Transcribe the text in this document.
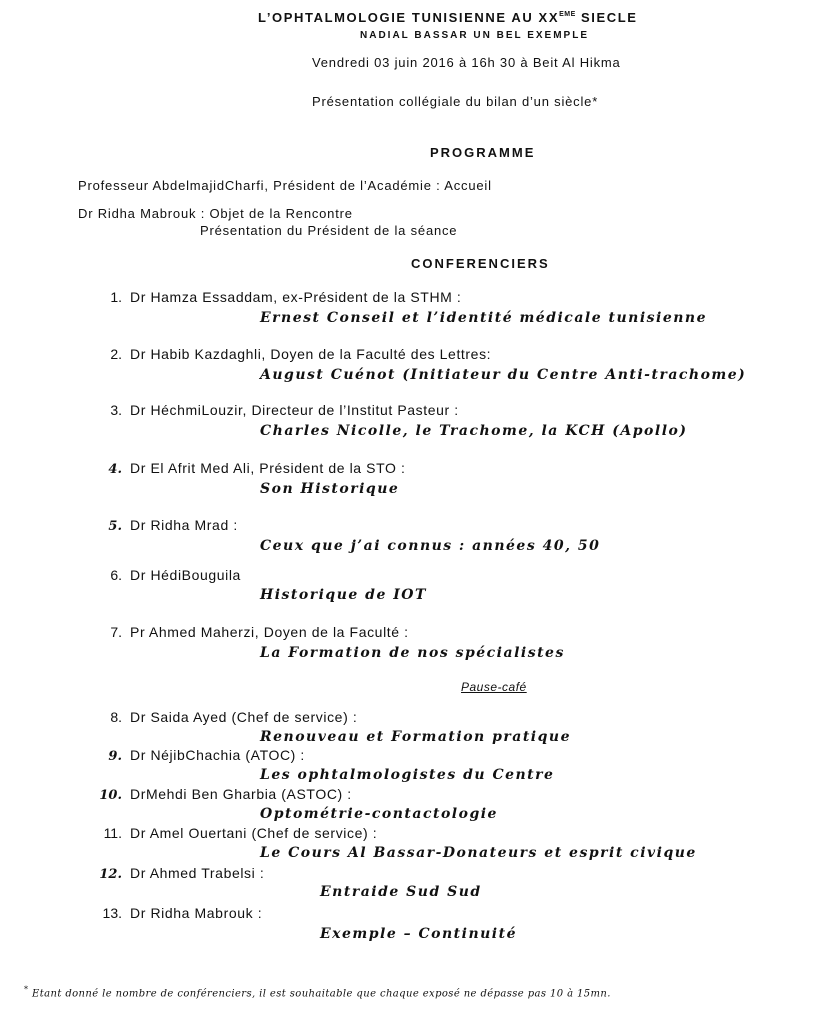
L’OPHTALMOLOGIE TUNISIENNE AU XXEME SIECLE
NADIAL BASSAR UN BEL EXEMPLE
Vendredi 03 juin 2016 à 16h 30 à Beit Al Hikma
Présentation collégiale du bilan d’un siècle*
PROGRAMME
Professeur AbdelmajidCharfi, Président de l’Académie : Accueil
Dr Ridha Mabrouk : Objet de la Rencontre
Présentation du Président de la séance
CONFERENCIERS
1. Dr Hamza Essaddam, ex-Président de la STHM :
Ernest Conseil et l’identité médicale tunisienne
2. Dr Habib Kazdaghli, Doyen de la Faculté des Lettres:
August Cuénot (Initiateur du Centre Anti-trachome)
3. Dr HéchmiLouzir, Directeur de l’Institut Pasteur :
Charles Nicolle, le Trachome, la KCH (Apollo)
4. Dr El Afrit Med Ali, Président de la STO :
Son Historique
5. Dr Ridha Mrad :
Ceux que j’ai connus : années 40, 50
6. Dr HédiBouguila
Historique de IOT
7. Pr Ahmed Maherzi, Doyen de la Faculté :
La Formation de nos spécialistes
Pause-café
8. Dr Saida Ayed (Chef de service) :
Renouveau et Formation pratique
9. Dr NéjibChachia (ATOC) :
Les ophtalmologistes du Centre
10. DrMehdi Ben Gharbia (ASTOC) :
Optométrie-contactologie
11. Dr Amel Ouertani (Chef de service) :
Le Cours Al Bassar-Donateurs et esprit civique
12. Dr Ahmed Trabelsi :
Entraide Sud Sud
13. Dr Ridha Mabrouk :
Exemple – Continuité
* Etant donné le nombre de conférenciers, il est souhaitable que chaque exposé ne dépasse pas 10 à 15mn.
